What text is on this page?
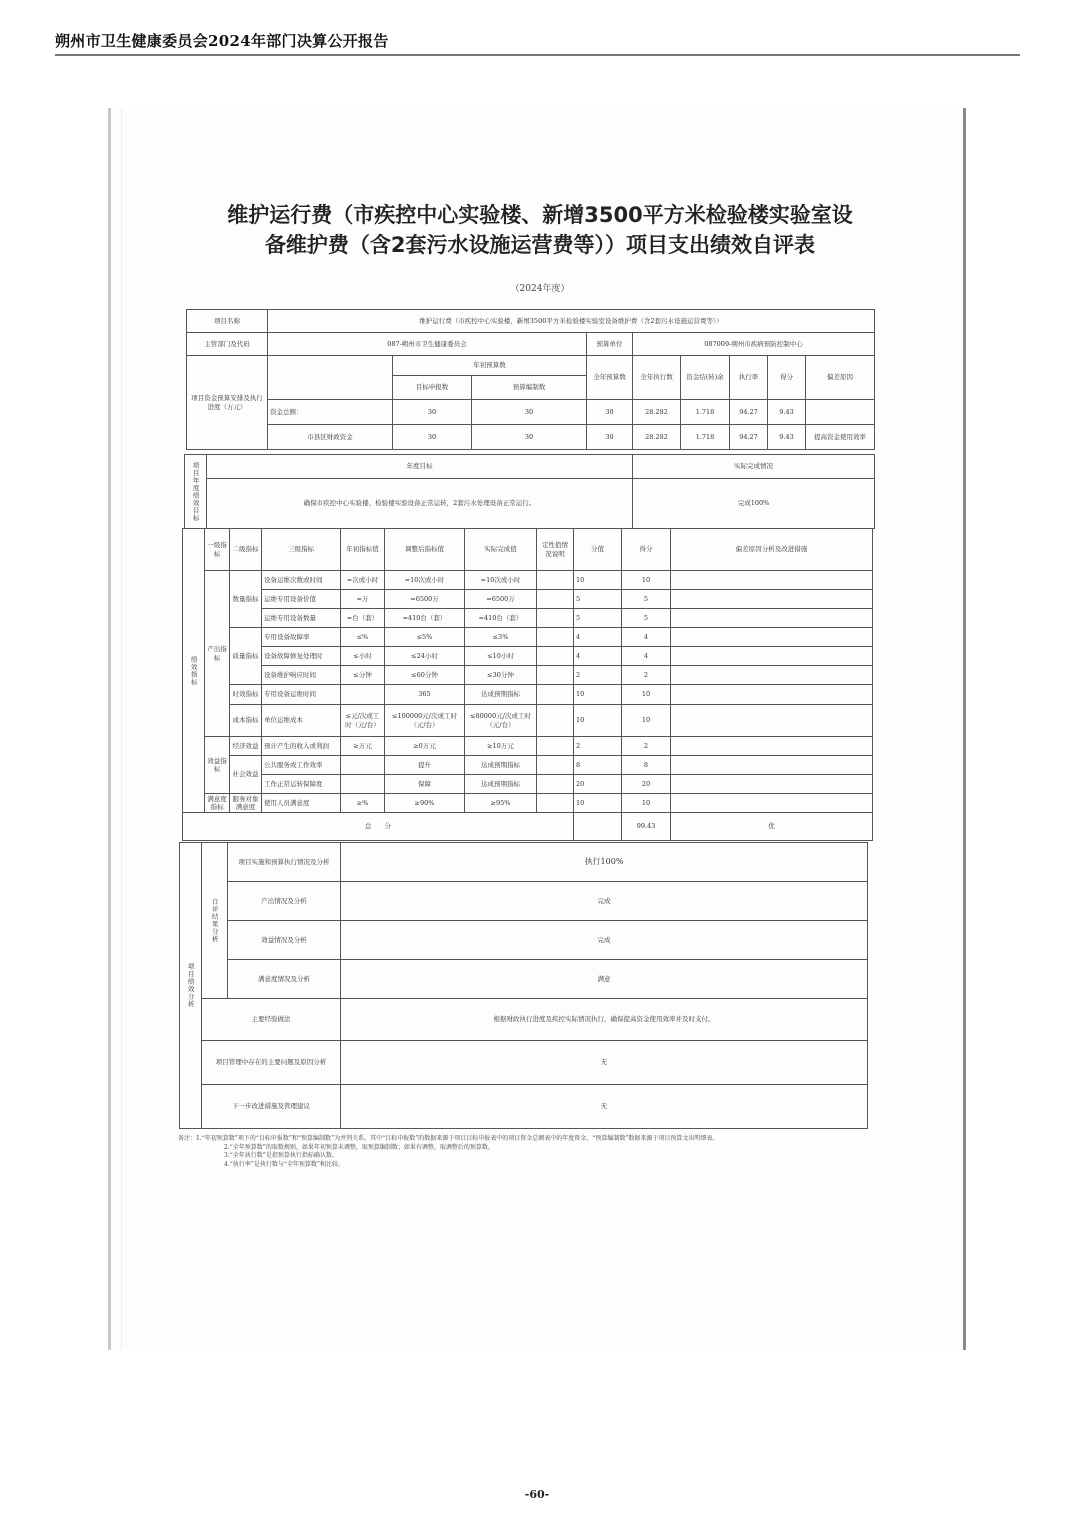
朔州市卫生健康委员会2024年部门决算公开报告
维护运行费（市疾控中心实验楼、新增3500平方米检验楼实验室设
备维护费（含2套污水设施运营费等））项目支出绩效自评表
（2024年度）
项目名称	维护运行费（市疾控中心实验楼、新增3500平方米检验楼实验室设备维护费（含2套污水设施运营费等））								
主管部门及代码	087-朔州市卫生健康委员会			预算单位	087009-朔州市疾病预防控制中心				
项目资金预算安排及执行进度（万元）		年初预算数		全年预算数	全年执行数	资金结(转)余	执行率	得分	偏差原因
		目标申报数	预算编制数						
	资金总额：	30	30	30	28.282	1.718	94.27	9.43	
	市县区财政资金	30	30	30	28.282	1.718	94.27	9.43	提高资金使用效率
项目年度绩效目标	年度目标	实际完成情况
	确保市疾控中心实验楼、检验楼实验设备正常运转，2套污水处理设备正常运行。	完成100%
绩效指标	一级指标	二级指标	三级指标	年初指标值	调整后指标值	实际完成值	定性值情况说明	分值	得分	偏差原因分析及改进措施
	产出指标	数量指标	设备运维次数或时间	=次或小时	=10次或小时	=10次或小时		10	10	
			运维专用设备价值	=万	=6500万	=6500万		5	5	
			运维专用设备数量	=台（套）	=410台（套）	=410台（套）		5	5	
		质量指标	专用设备故障率	≤%	≤5%	≤3%		4	4	
			设备故障修复处理时	≤小时	≤24小时	≤10小时		4	4	
			设备维护响应时间	≤分钟	≤60分钟	≤30分钟		2	2	
		时效指标	专用设备运维时间		365	达成预期指标		10	10	
		成本指标	单位运维成本	≤元/次或工时（元/台）	≤100000元/次或工时（元/台）	≤80000元/次或工时（元/台）		10	10	
	效益指标	经济效益	预计产生的收入或利润	≥万元	≥0万元	≥10万元		2	2	
		社会效益	公共服务或工作效率		提升	达成预期指标		8	8	
			工作正常运转保障度		保障	达成预期指标		20	20	
	满意度指标	服务对象满意度	使用人员满意度	≥%	≥90%	≥95%		10	10	
总　　分									99.43	优
项目绩效分析	自评结果分析	项目实施和预算执行情况及分析	执行100%
		产出情况及分析	完成
		效益情况及分析	完成
		满意度情况及分析	满意
	主要经验做法		根据财政执行进度及疾控实际情况执行，确保提高资金使用效率并及时支付。
	项目管理中存在的主要问题及原因分析		无
	下一步改进措施及管理建议		无
备注：1.“年初预算数”项下的“目标申报数”和“预算编制数”为并列关系。其中“目标申报数”的数据来源于项目目标申报表中的项目资金总额表中的年度资金，“预算编制数”数据来源于项目预算文出明细表。
2.“全年预算数”的取数规则，如果年初预算未调整，取预算编制数；如果有调整，取调整后的预算数。
3.“全年执行数”是指预算执行指标确认数。
4.“执行率”是执行数与“全年预算数”相比较。
-60-
